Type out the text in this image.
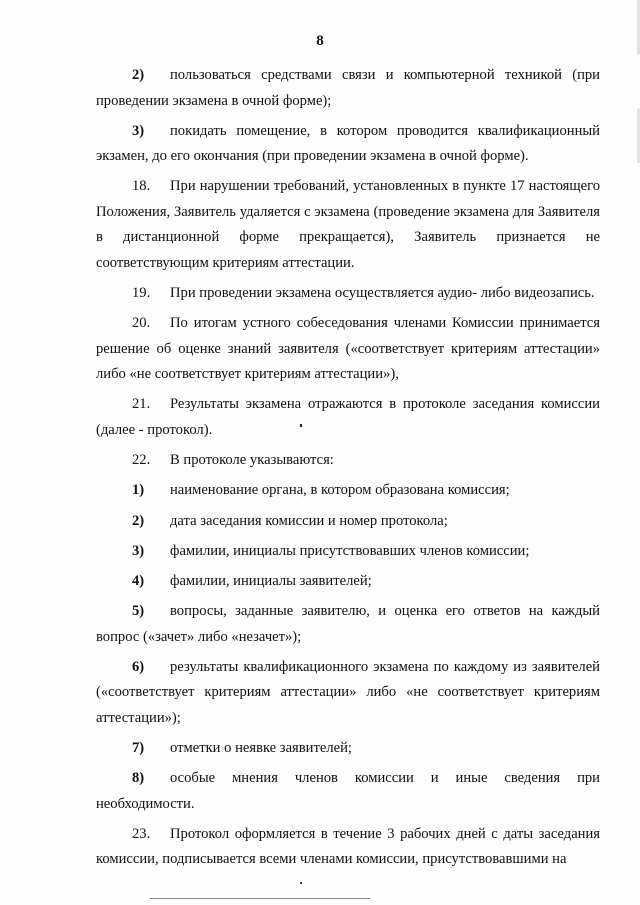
8

2) пользоваться средствами связи и компьютерной техникой (при проведении экзамена в очной форме);

3) покидать помещение, в котором проводится квалификационный экзамен, до его окончания (при проведении экзамена в очной форме).

18. При нарушении требований, установленных в пункте 17 настоящего Положения, Заявитель удаляется с экзамена (проведение экзамена для Заявителя в дистанционной форме прекращается), Заявитель признается не соответствующим критериям аттестации.

19. При проведении экзамена осуществляется аудио- либо видеозапись.

20. По итогам устного собеседования членами Комиссии принимается решение об оценке знаний заявителя («соответствует критериям аттестации» либо «не соответствует критериям аттестации»),

21. Результаты экзамена отражаются в протоколе заседания комиссии (далее - протокол).

22. В протоколе указываются:

1) наименование органа, в котором образована комиссия;

2) дата заседания комиссии и номер протокола;

3) фамилии, инициалы присутствовавших членов комиссии;

4) фамилии, инициалы заявителей;

5) вопросы, заданные заявителю, и оценка его ответов на каждый вопрос («зачет» либо «незачет»);

6) результаты квалификационного экзамена по каждому из заявителей («соответствует критериям аттестации» либо «не соответствует критериям аттестации»);

7) отметки о неявке заявителей;

8) особые мнения членов комиссии и иные сведения при необходимости.

23. Протокол оформляется в течение 3 рабочих дней с даты заседания комиссии, подписывается всеми членами комиссии, присутствовавшими на
